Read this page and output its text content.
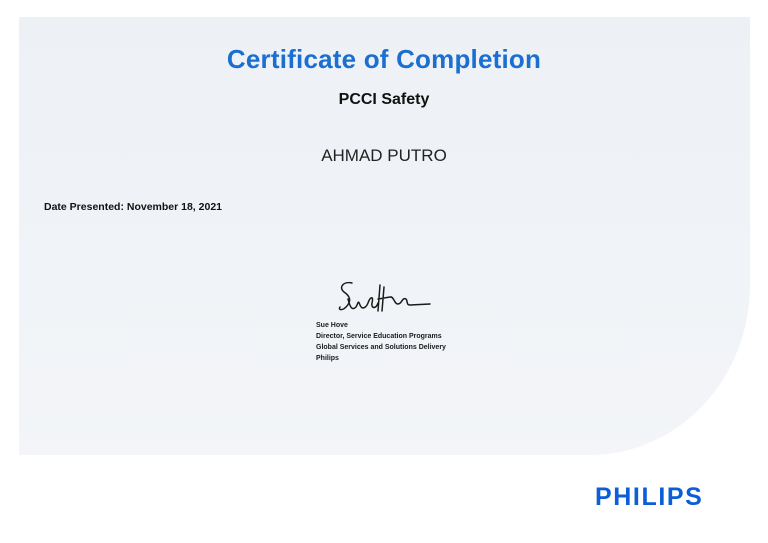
Certificate of Completion
PCCI Safety
AHMAD PUTRO
Date Presented: November 18, 2021
Sue Hove
Director, Service Education Programs
Global Services and Solutions Delivery
Philips
PHILIPS
